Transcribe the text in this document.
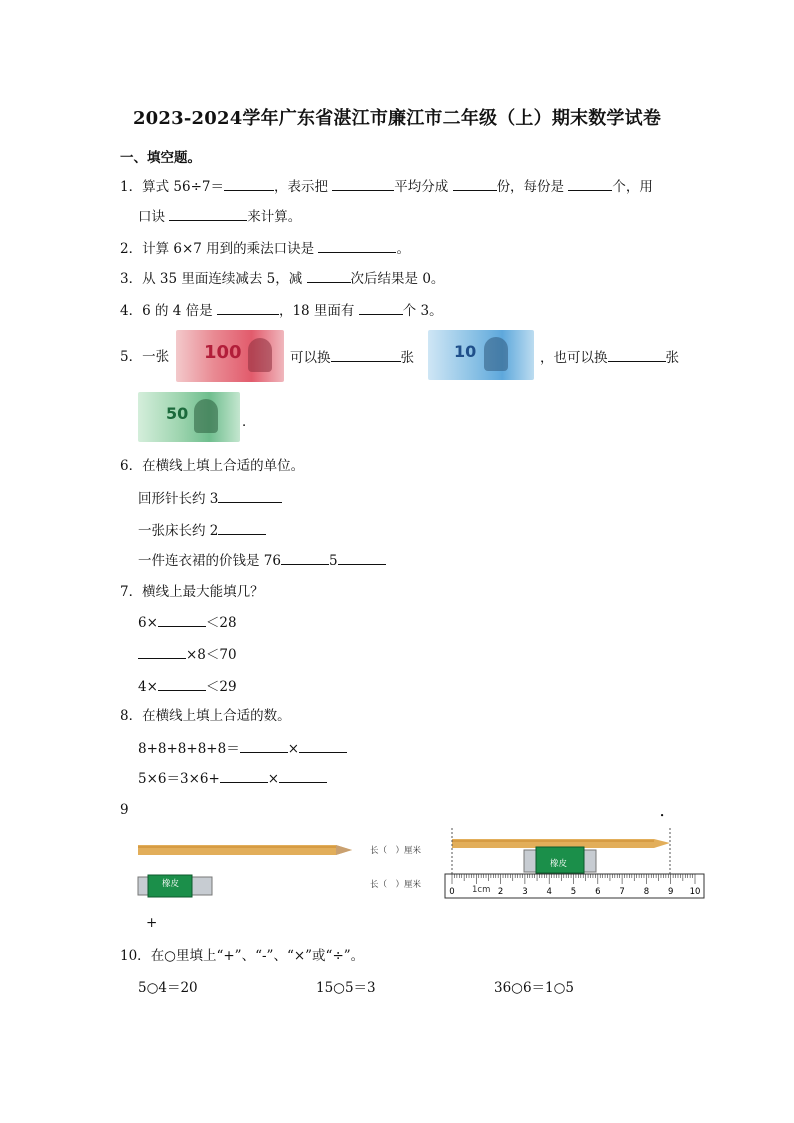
2023-2024学年广东省湛江市廉江市二年级（上）期末数学试卷
一、填空题。
1．算式 56÷7＝	，表示把	平均分成	份，每份是	个，用
口诀	来计算。
2．计算 6×7 用到的乘法口诀是	。
3．从 35 里面连续减去 5，减	次后结果是 0。
4．6 的 4 倍是	，18 里面有	个 3。
5．一张 100	可以换	张	10	，也可以换	张
50	．
6．在横线上填上合适的单位。
回形针长约 3
一张床长约 2
一件连衣裙的价钱是 76	5
7．横线上最大能填几？
6×	＜28
×8＜70
4×	＜29
8．在横线上填上合适的数。
8+8+8+8+8＝	×
5×6＝3×6+	×
9	．
橡皮
长（　）厘米
长（　）厘米
0	2 3 4 5 6 7 8 9 10
橡皮
1cm
+
10．在○里填上“+”、“-”、“×”或“÷”。
5○4＝20	15○5＝3	36○6＝1○5
